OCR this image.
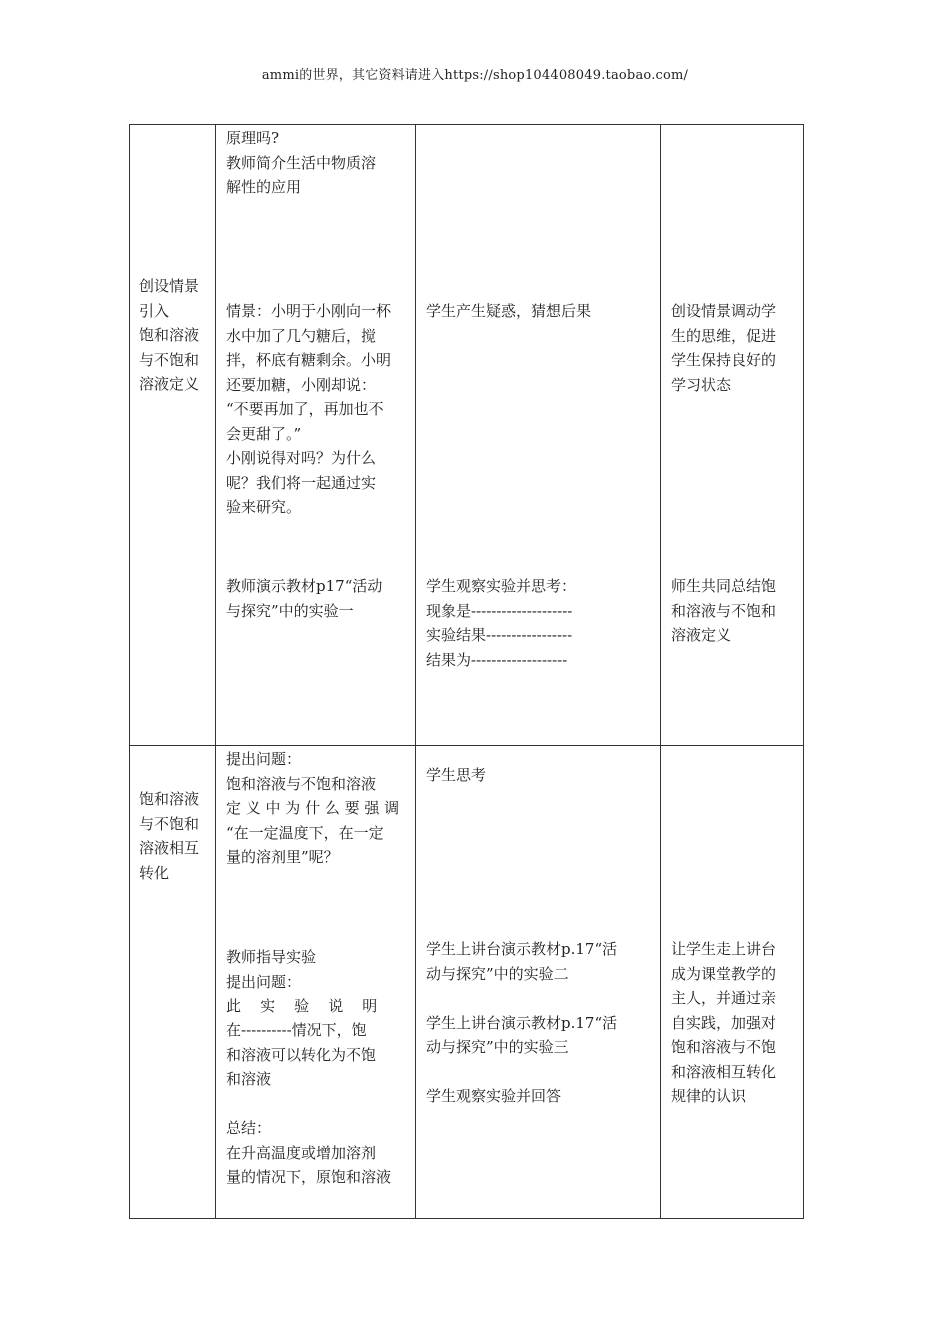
ammi的世界，其它资料请进入https://shop104408049.taobao.com/
创设情景
引入
饱和溶液
与不饱和
溶液定义
原理吗?
教师简介生活中物质溶
解性的应用
情景：小明于小刚向一杯
水中加了几勺糖后，搅
拌，杯底有糖剩余。小明
还要加糖，小刚却说：
“不要再加了，再加也不
会更甜了。”
小刚说得对吗？为什么
呢？我们将一起通过实
验来研究。
教师演示教材p17“活动
与探究”中的实验一
学生产生疑惑，猜想后果
学生观察实验并思考：
现象是--------------------
实验结果-----------------
结果为-------------------
创设情景调动学
生的思维，促进
学生保持良好的
学习状态
师生共同总结饱
和溶液与不饱和
溶液定义
饱和溶液
与不饱和
溶液相互
转化
提出问题：
饱和溶液与不饱和溶液
定 义 中 为 什 么 要 强 调
“在一定温度下，在一定
量的溶剂里”呢？
教师指导实验
提出问题：
此    实    验    说    明
在----------情况下，饱
和溶液可以转化为不饱
和溶液

总结：
在升高温度或增加溶剂
量的情况下，原饱和溶液
学生思考
学生上讲台演示教材p.17“活
动与探究”中的实验二

学生上讲台演示教材p.17“活
动与探究”中的实验三

学生观察实验并回答
让学生走上讲台
成为课堂教学的
主人，并通过亲
自实践，加强对
饱和溶液与不饱
和溶液相互转化
规律的认识
